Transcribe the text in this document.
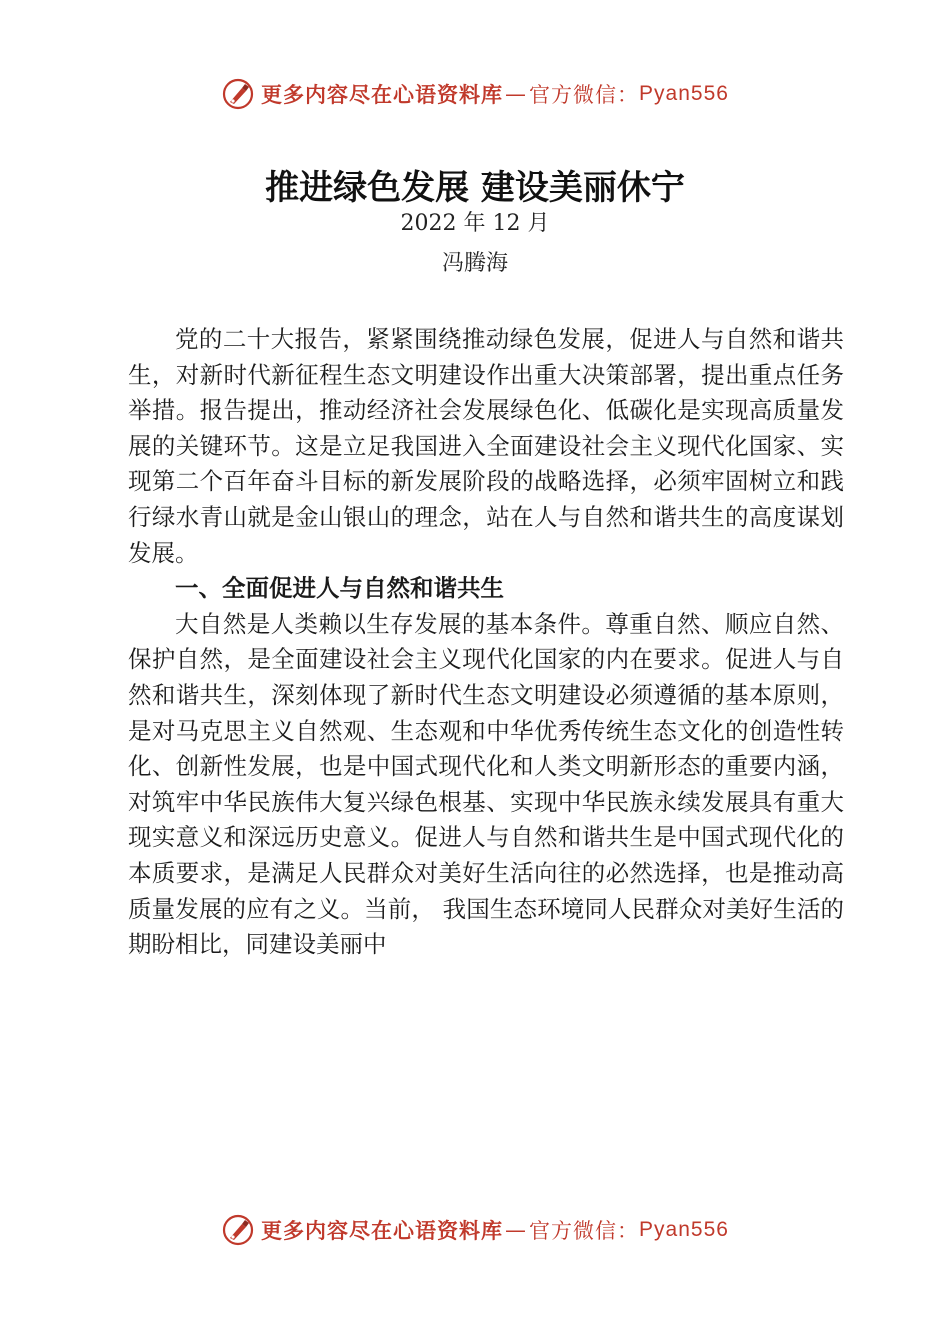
更多内容尽在心语资料库 — 官方微信： Pyan556
推进绿色发展 建设美丽休宁
2022 年 12 月
冯腾海

党的二十大报告，紧紧围绕推动绿色发展，促进人与自然和谐共生，对新时代新征程生态文明建设作出重大决策部署，提出重点任务举措。报告提出，推动经济社会发展绿色化、低碳化是实现高质量发展的关键环节。这是立足我国进入全面建设社会主义现代化国家、实现第二个百年奋斗目标的新发展阶段的战略选择，必须牢固树立和践行绿水青山就是金山银山的理念，站在人与自然和谐共生的高度谋划发展。

一、全面促进人与自然和谐共生

大自然是人类赖以生存发展的基本条件。尊重自然、顺应自然、保护自然，是全面建设社会主义现代化国家的内在要求。促进人与自然和谐共生，深刻体现了新时代生态文明建设必须遵循的基本原则，是对马克思主义自然观、生态观和中华优秀传统生态文化的创造性转化、创新性发展，也是中国式现代化和人类文明新形态的重要内涵，对筑牢中华民族伟大复兴绿色根基、实现中华民族永续发展具有重大现实意义和深远历史意义。促进人与自然和谐共生是中国式现代化的本质要求，是满足人民群众对美好生活向往的必然选择，也是推动高质量发展的应有之义。当前， 我国生态环境同人民群众对美好生活的期盼相比，同建设美丽中

更多内容尽在心语资料库 — 官方微信： Pyan556
